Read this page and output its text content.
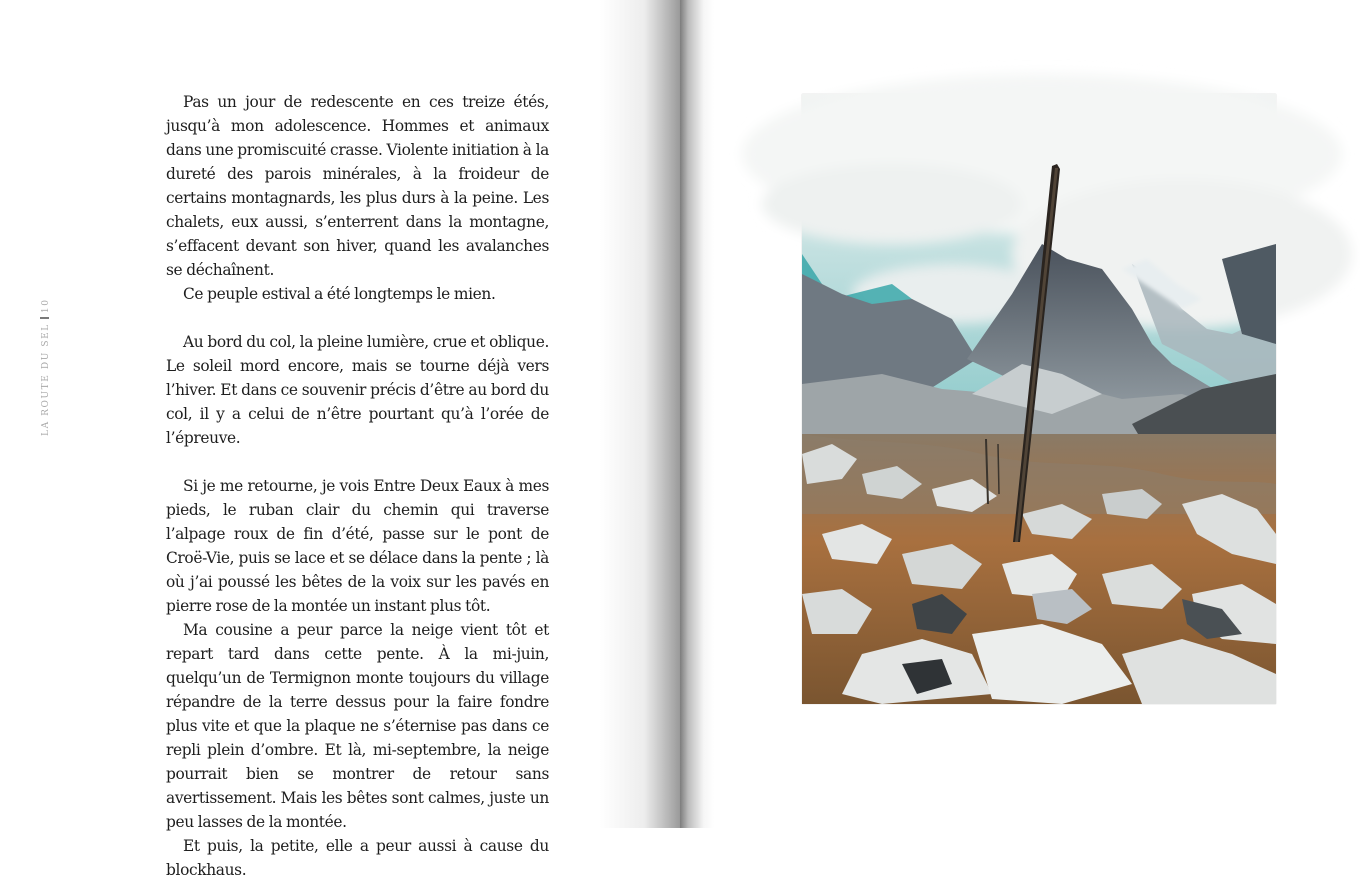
LA ROUTE DU SEL10

Pas un jour de redescente en ces treize étés, jusqu’à mon adolescence. Hommes et animaux dans une promiscuité crasse. Violente initiation à la dureté des parois minérales, à la froideur de certains montagnards, les plus durs à la peine. Les chalets, eux aussi, s’enterrent dans la montagne, s’effacent devant son hiver, quand les avalanches se déchaînent.

Ce peuple estival a été longtemps le mien.

Au bord du col, la pleine lumière, crue et oblique. Le soleil mord encore, mais se tourne déjà vers l’hiver. Et dans ce souvenir précis d’être au bord du col, il y a celui de n’être pourtant qu’à l’orée de l’épreuve.

Si je me retourne, je vois Entre Deux Eaux à mes pieds, le ruban clair du chemin qui traverse l’alpage roux de fin d’été, passe sur le pont de Croë-Vie, puis se lace et se délace dans la pente ; là où j’ai poussé les bêtes de la voix sur les pavés en pierre rose de la montée un instant plus tôt.

Ma cousine a peur parce la neige vient tôt et repart tard dans cette pente. À la mi-juin, quelqu’un de Termignon monte toujours du village répandre de la terre dessus pour la faire fondre plus vite et que la plaque ne s’éternise pas dans ce repli plein d’ombre. Et là, mi-septembre, la neige pourrait bien se montrer de retour sans avertissement. Mais les bêtes sont calmes, juste un peu lasses de la montée.

Et puis, la petite, elle a peur aussi à cause du blockhaus.
